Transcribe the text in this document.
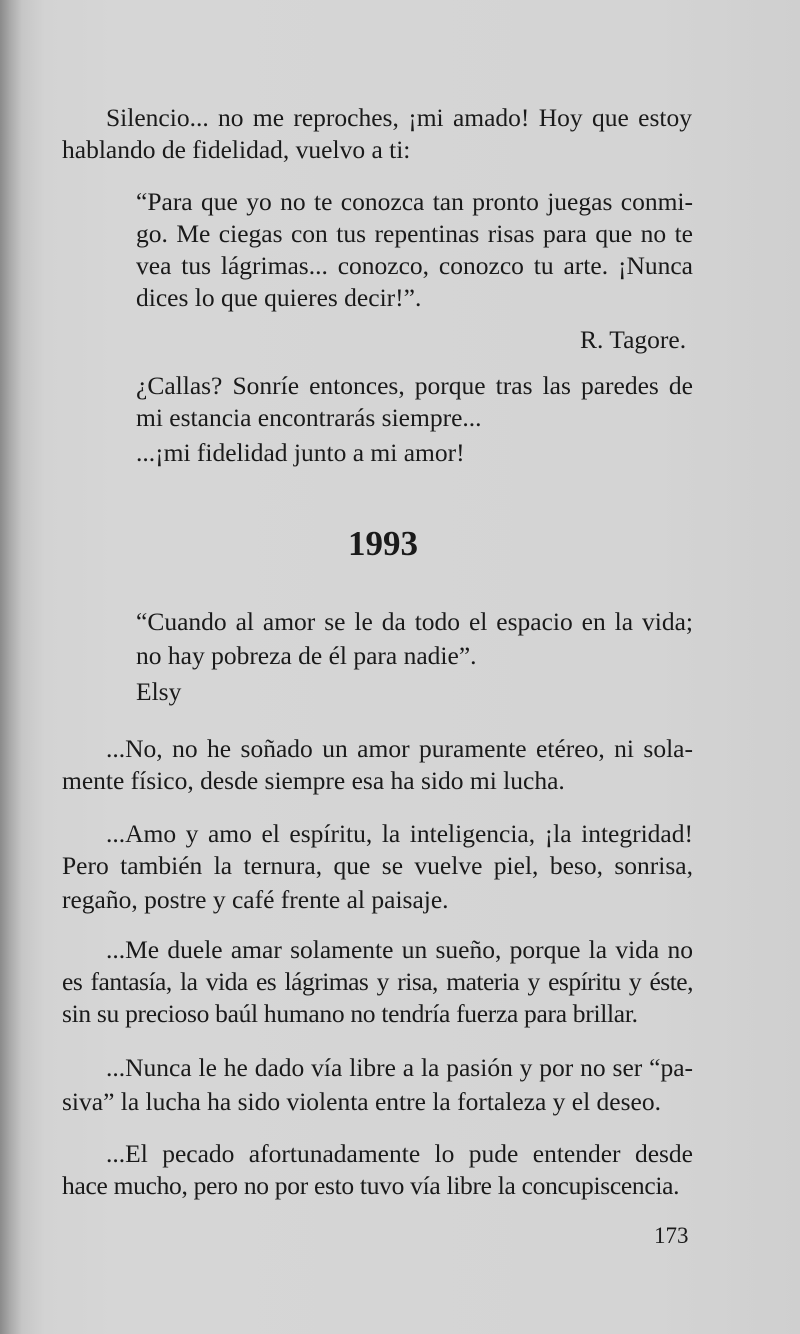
Silencio... no me reproches, ¡mi amado! Hoy que estoy
hablando de fidelidad, vuelvo a ti:
“Para que yo no te conozca tan pronto juegas conmi-
go. Me ciegas con tus repentinas risas para que no te
vea tus lágrimas... conozco, conozco tu arte. ¡Nunca
dices lo que quieres decir!”.
R. Tagore.
¿Callas? Sonríe entonces, porque tras las paredes de
mi estancia encontrarás siempre...
...¡mi fidelidad junto a mi amor!
1993
“Cuando al amor se le da todo el espacio en la vida;
no hay pobreza de él para nadie”.
Elsy
...No, no he soñado un amor puramente etéreo, ni sola-
mente físico, desde siempre esa ha sido mi lucha.
...Amo y amo el espíritu, la inteligencia, ¡la integridad!
Pero también la ternura, que se vuelve piel, beso, sonrisa,
regaño, postre y café frente al paisaje.
...Me duele amar solamente un sueño, porque la vida no
es fantasía, la vida es lágrimas y risa, materia y espíritu y éste,
sin su precioso baúl humano no tendría fuerza para brillar.
...Nunca le he dado vía libre a la pasión y por no ser “pa-
siva” la lucha ha sido violenta entre la fortaleza y el deseo.
...El pecado afortunadamente lo pude entender desde
hace mucho, pero no por esto tuvo vía libre la concupiscencia.
173
